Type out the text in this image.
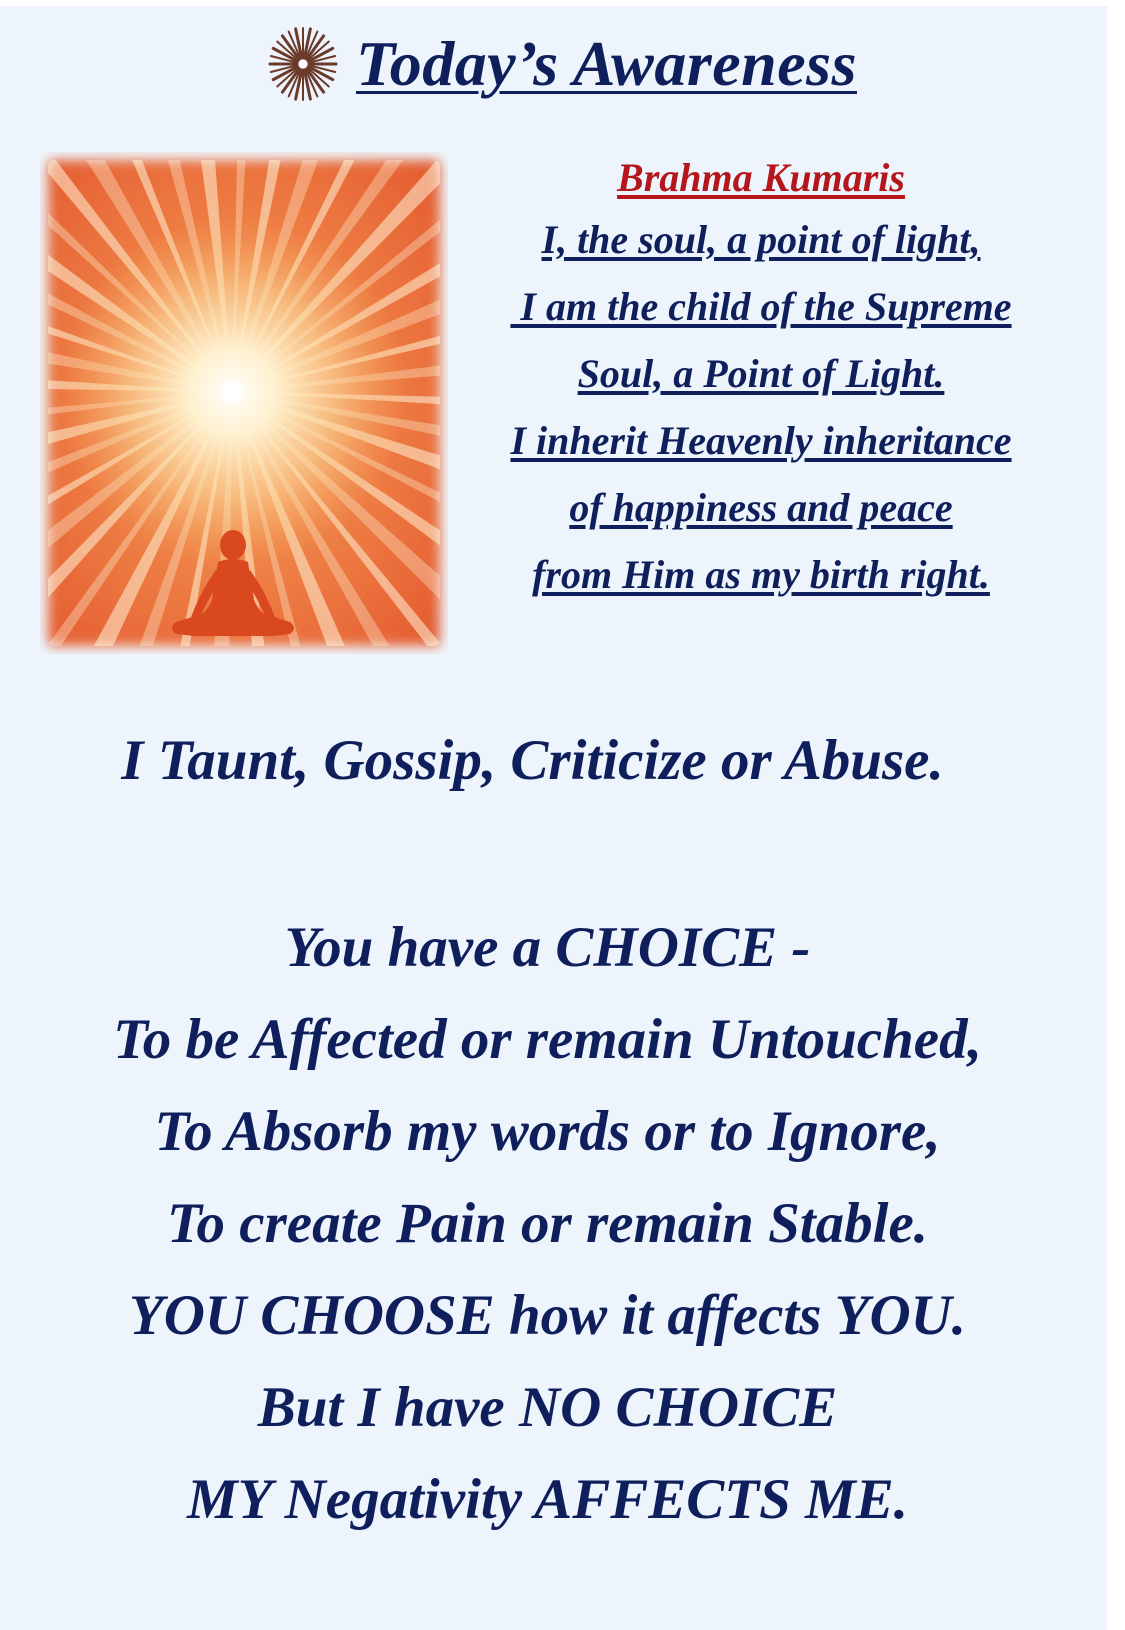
Today’s Awareness
Brahma Kumaris
I, the soul, a point of light,
I am the child of the Supreme
Soul, a Point of Light.
I inherit Heavenly inheritance
of happiness and peace
from Him as my birth right.
I Taunt, Gossip, Criticize or Abuse.
You have a CHOICE -
To be Affected or remain Untouched,
To Absorb my words or to Ignore,
To create Pain or remain Stable.
YOU CHOOSE how it affects YOU.
But I have NO CHOICE
MY Negativity AFFECTS ME.
